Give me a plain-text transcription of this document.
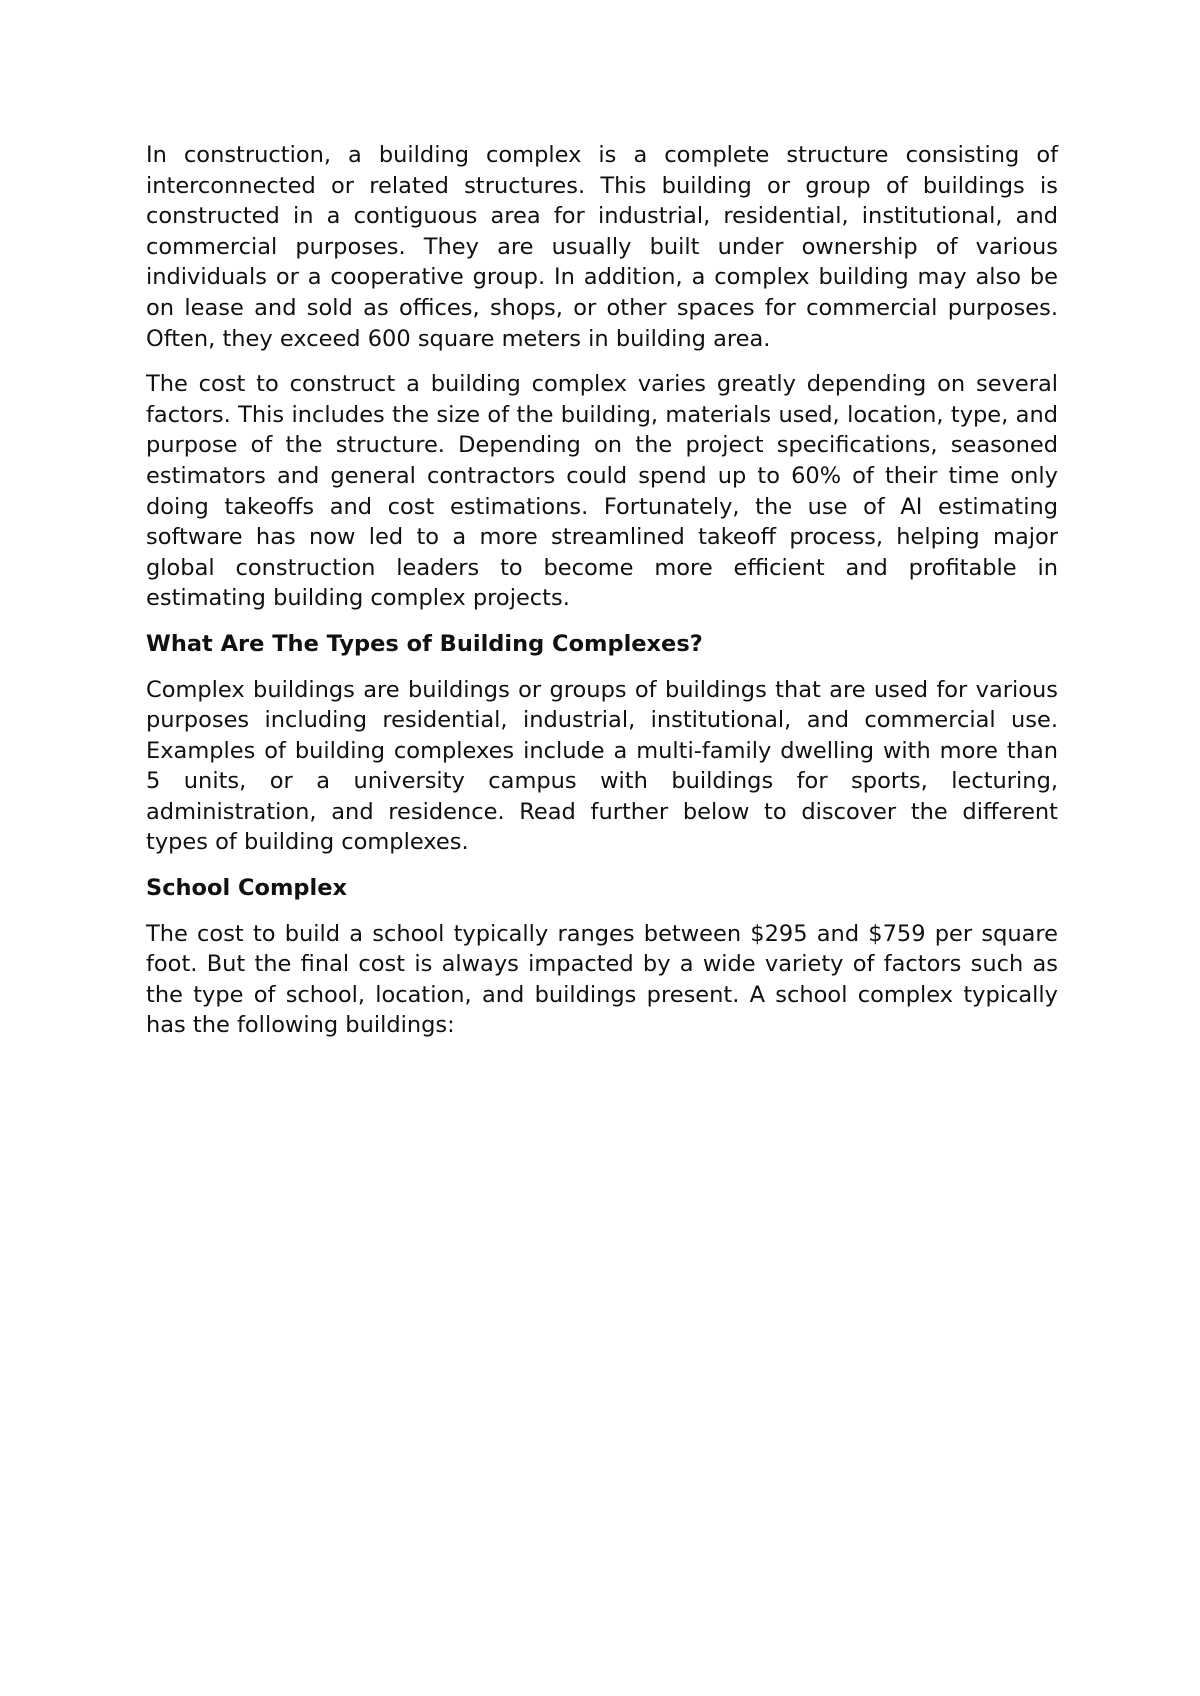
In construction, a building complex is a complete structure consisting of interconnected or related structures. This building or group of buildings is constructed in a contiguous area for industrial, residential, institutional, and commercial purposes. They are usually built under ownership of various individuals or a cooperative group. In addition, a complex building may also be on lease and sold as offices, shops, or other spaces for commercial purposes. Often, they exceed 600 square meters in building area.

The cost to construct a building complex varies greatly depending on several factors. This includes the size of the building, materials used, location, type, and purpose of the structure. Depending on the project specifications, seasoned estimators and general contractors could spend up to 60% of their time only doing takeoffs and cost estimations. Fortunately, the use of AI estimating software has now led to a more streamlined takeoff process, helping major global construction leaders to become more efficient and profitable in estimating building complex projects.

What Are The Types of Building Complexes?

Complex buildings are buildings or groups of buildings that are used for various purposes including residential, industrial, institutional, and commercial use. Examples of building complexes include a multi-family dwelling with more than 5 units, or a university campus with buildings for sports, lecturing, administration, and residence. Read further below to discover the different types of building complexes.

School Complex

The cost to build a school typically ranges between $295 and $759 per square foot. But the final cost is always impacted by a wide variety of factors such as the type of school, location, and buildings present. A school complex typically has the following buildings:
